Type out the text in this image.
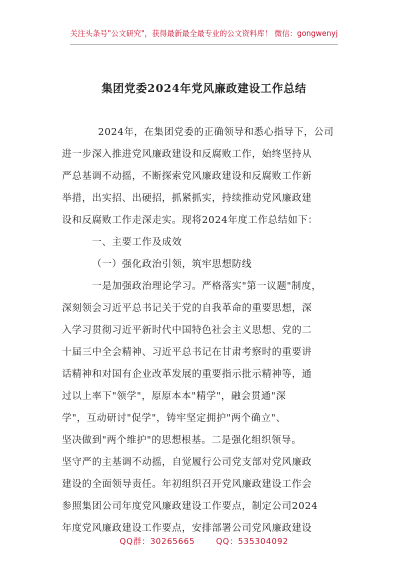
关注头条号"公文研究"，获得最新最全最专业的公文资料库！ 微信：gongwenyj
集团党委2024年党风廉政建设工作总结
2024年，在集团党委的正确领导和悉心指导下，公司
进一步深入推进党风廉政建设和反腐败工作，始终坚持从
严总基调不动摇，不断探索党风廉政建设和反腐败工作新
举措，出实招、出硬招，抓紧抓实，持续推动党风廉政建
设和反腐败工作走深走实。现将2024年度工作总结如下：
一、主要工作及成效
（一）强化政治引领，筑牢思想防线
一是加强政治理论学习。严格落实"第一议题"制度，
深刻领会习近平总书记关于党的自我革命的重要思想，深
入学习贯彻习近平新时代中国特色社会主义思想、党的二
十届三中全会精神、习近平总书记在甘肃考察时的重要讲
话精神和对国有企业改革发展的重要指示批示精神等，通
过以上率下"领学"，原原本本"精学"，融会贯通"深
学"，互动研讨"促学"，铸牢坚定拥护"两个确立"、
坚决做到"两个维护"的思想根基。二是强化组织领导。
坚守严的主基调不动摇，自觉履行公司党支部对党风廉政
建设的全面领导责任。年初组织召开党风廉政建设工作会
参照集团公司年度党风廉政建设工作要点，制定公司2024
年度党风廉政建设工作要点，安排部署公司党风廉政建设
QQ群：30265665	QQ：535304092
